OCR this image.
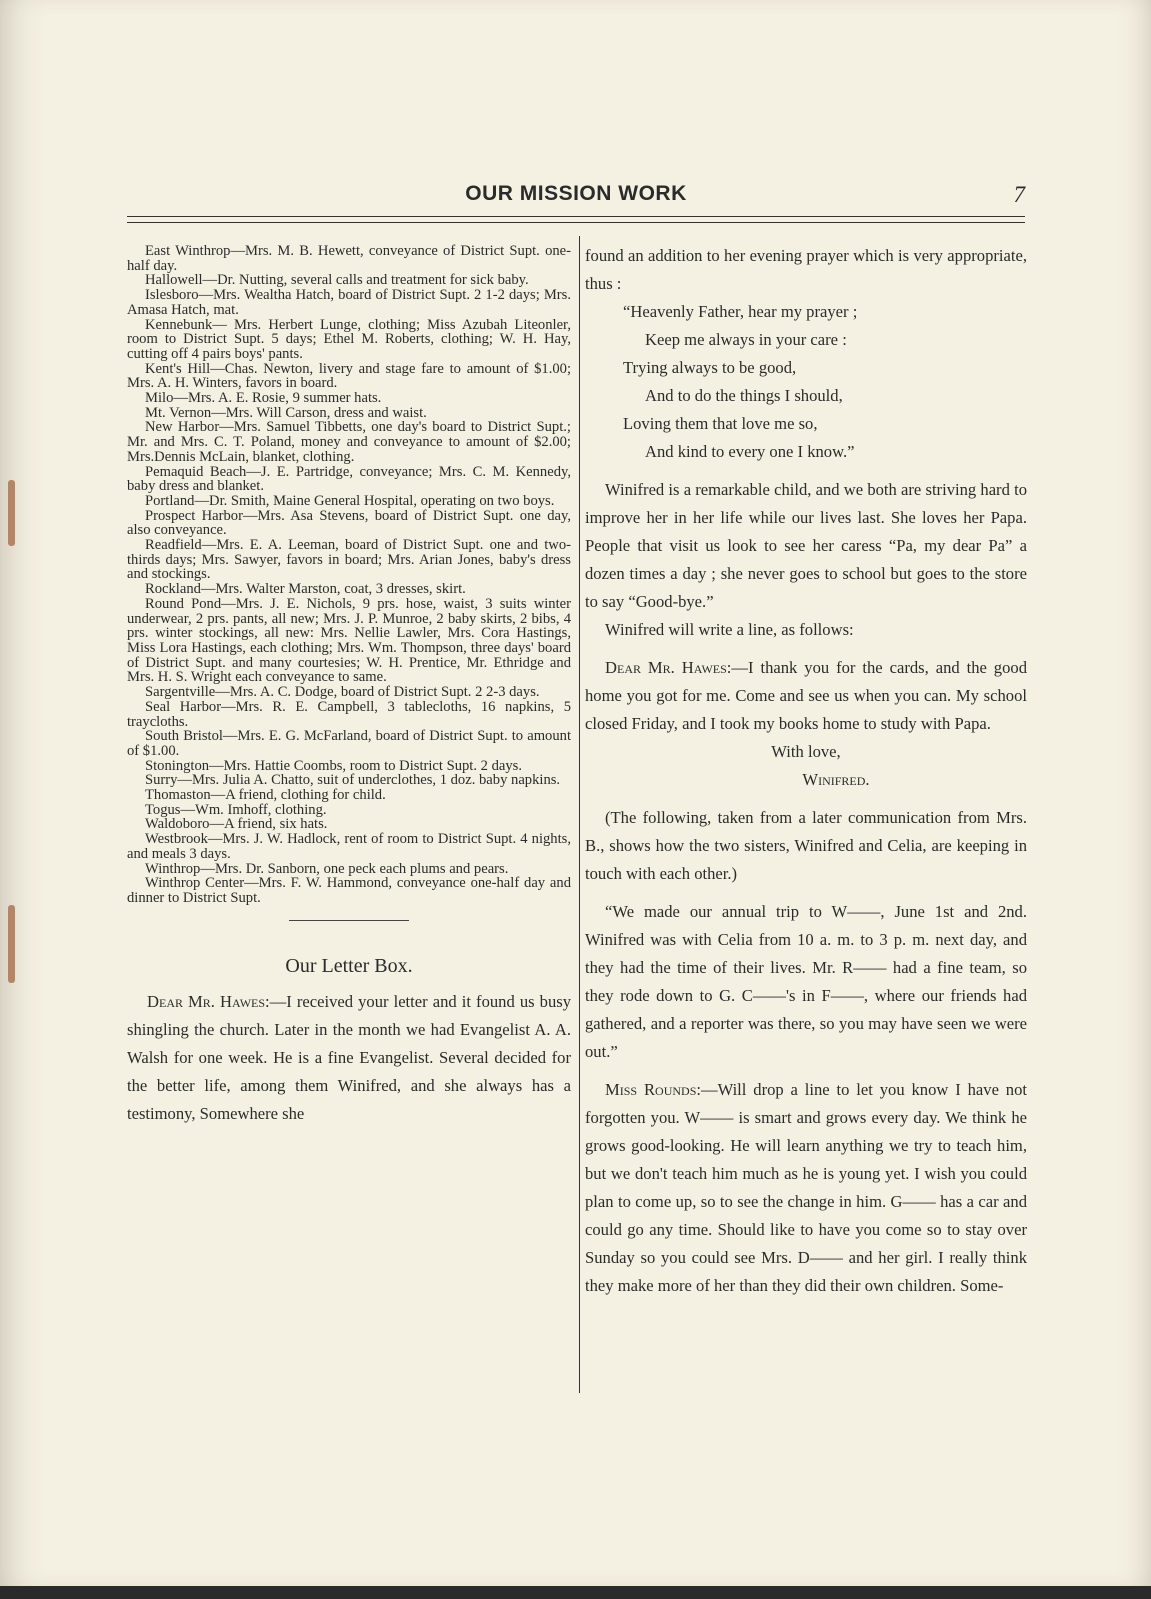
OUR MISSION WORK	7

East Winthrop—Mrs. M. B. Hewett, conveyance of District Supt. one-half day.

Hallowell—Dr. Nutting, several calls and treatment for sick baby.

Islesboro—Mrs. Wealtha Hatch, board of District Supt. 2 1-2 days; Mrs. Amasa Hatch, mat.

Kennebunk— Mrs. Herbert Lunge, clothing; Miss Azubah Liteonler, room to District Supt. 5 days; Ethel M. Roberts, clothing; W. H. Hay, cutting off 4 pairs boys' pants.

Kent's Hill—Chas. Newton, livery and stage fare to amount of $1.00; Mrs. A. H. Winters, favors in board.

Milo—Mrs. A. E. Rosie, 9 summer hats.

Mt. Vernon—Mrs. Will Carson, dress and waist.

New Harbor—Mrs. Samuel Tibbetts, one day's board to District Supt.; Mr. and Mrs. C. T. Poland, money and conveyance to amount of $2.00; Mrs.Dennis McLain, blanket, clothing.

Pemaquid Beach—J. E. Partridge, conveyance; Mrs. C. M. Kennedy, baby dress and blanket.

Portland—Dr. Smith, Maine General Hospital, operating on two boys.

Prospect Harbor—Mrs. Asa Stevens, board of District Supt. one day, also conveyance.

Readfield—Mrs. E. A. Leeman, board of District Supt. one and two-thirds days; Mrs. Sawyer, favors in board; Mrs. Arian Jones, baby's dress and stockings.

Rockland—Mrs. Walter Marston, coat, 3 dresses, skirt.

Round Pond—Mrs. J. E. Nichols, 9 prs. hose, waist, 3 suits winter underwear, 2 prs. pants, all new; Mrs. J. P. Munroe, 2 baby skirts, 2 bibs, 4 prs. winter stockings, all new: Mrs. Nellie Lawler, Mrs. Cora Hastings, Miss Lora Hastings, each clothing; Mrs. Wm. Thompson, three days' board of District Supt. and many courtesies; W. H. Prentice, Mr. Ethridge and Mrs. H. S. Wright each conveyance to same.

Sargentville—Mrs. A. C. Dodge, board of District Supt. 2 2-3 days.

Seal Harbor—Mrs. R. E. Campbell, 3 tablecloths, 16 napkins, 5 traycloths.

South Bristol—Mrs. E. G. McFarland, board of District Supt. to amount of $1.00.

Stonington—Mrs. Hattie Coombs, room to District Supt. 2 days.

Surry—Mrs. Julia A. Chatto, suit of underclothes, 1 doz. baby napkins.

Thomaston—A friend, clothing for child.

Togus—Wm. Imhoff, clothing.

Waldoboro—A friend, six hats.

Westbrook—Mrs. J. W. Hadlock, rent of room to District Supt. 4 nights, and meals 3 days.

Winthrop—Mrs. Dr. Sanborn, one peck each plums and pears.

Winthrop Center—Mrs. F. W. Hammond, conveyance one-half day and dinner to District Supt.

Our Letter Box.

Dear Mr. Hawes:—I received your letter and it found us busy shingling the church. Later in the month we had Evangelist A. A. Walsh for one week. He is a fine Evangelist. Several decided for the better life, among them Winifred, and she always has a testimony, Somewhere she

found an addition to her evening prayer which is very appropriate, thus :

“Heavenly Father, hear my prayer ;
Keep me always in your care :
Trying always to be good,
And to do the things I should,
Loving them that love me so,
And kind to every one I know.”

Winifred is a remarkable child, and we both are striving hard to improve her in her life while our lives last. She loves her Papa. People that visit us look to see her caress “Pa, my dear Pa” a dozen times a day ; she never goes to school but goes to the store to say “Good-bye.”

Winifred will write a line, as follows:

Dear Mr. Hawes:—I thank you for the cards, and the good home you got for me. Come and see us when you can. My school closed Friday, and I took my books home to study with Papa.

With love,

Winifred.

(The following, taken from a later communication from Mrs. B., shows how the two sisters, Winifred and Celia, are keeping in touch with each other.)

“We made our annual trip to W——, June 1st and 2nd. Winifred was with Celia from 10 a. m. to 3 p. m. next day, and they had the time of their lives. Mr. R—— had a fine team, so they rode down to G. C——'s in F——, where our friends had gathered, and a reporter was there, so you may have seen we were out.”

Miss Rounds:—Will drop a line to let you know I have not forgotten you. W—— is smart and grows every day. We think he grows good-looking. He will learn anything we try to teach him, but we don't teach him much as he is young yet. I wish you could plan to come up, so to see the change in him. G—— has a car and could go any time. Should like to have you come so to stay over Sunday so you could see Mrs. D—— and her girl. I really think they make more of her than they did their own children. Some-
